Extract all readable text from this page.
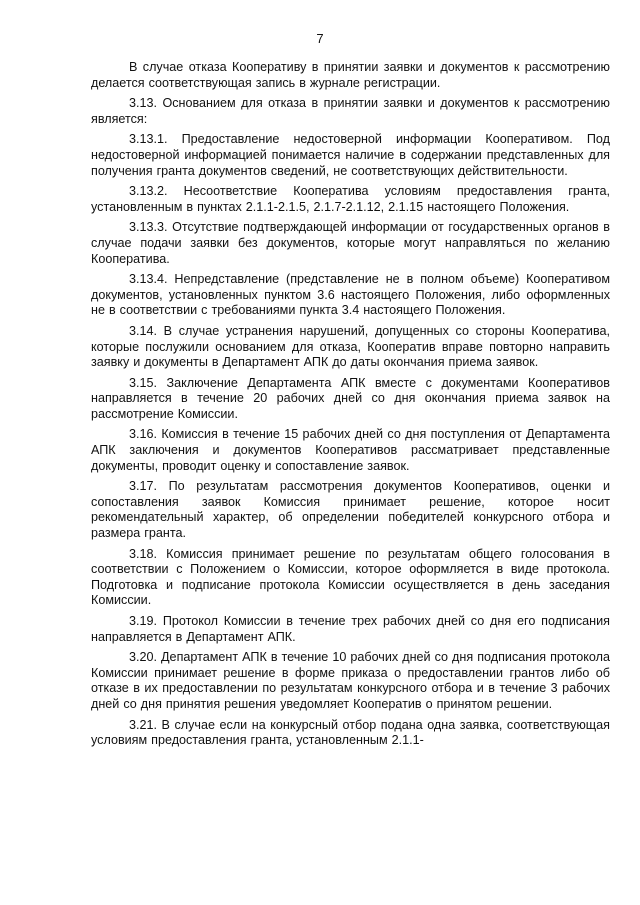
7

В случае отказа Кооперативу в принятии заявки и документов к рассмотрению делается соответствующая запись в журнале регистрации.

3.13. Основанием для отказа в принятии заявки и документов к рассмотрению является:

3.13.1. Предоставление недостоверной информации Кооперативом. Под недостоверной информацией понимается наличие в содержании представленных для получения гранта документов сведений, не соответствующих действительности.

3.13.2. Несоответствие Кооператива условиям предоставления гранта, установленным в пунктах 2.1.1-2.1.5, 2.1.7-2.1.12, 2.1.15 настоящего Положения.

3.13.3. Отсутствие подтверждающей информации от государственных органов в случае подачи заявки без документов, которые могут направляться по желанию Кооператива.

3.13.4. Непредставление (представление не в полном объеме) Кооперативом документов, установленных пунктом 3.6 настоящего Положения, либо оформленных не в соответствии с требованиями пункта 3.4 настоящего Положения.

3.14. В случае устранения нарушений, допущенных со стороны Кооператива, которые послужили основанием для отказа, Кооператив вправе повторно направить заявку и документы в Департамент АПК до даты окончания приема заявок.

3.15. Заключение Департамента АПК вместе с документами Кооперативов направляется в течение 20 рабочих дней со дня окончания приема заявок на рассмотрение Комиссии.

3.16. Комиссия в течение 15 рабочих дней со дня поступления от Департамента АПК заключения и документов Кооперативов рассматривает представленные документы, проводит оценку и сопоставление заявок.

3.17. По результатам рассмотрения документов Кооперативов, оценки и сопоставления заявок Комиссия принимает решение, которое носит рекомендательный характер, об определении победителей конкурсного отбора и размера гранта.

3.18. Комиссия принимает решение по результатам общего голосования в соответствии с Положением о Комиссии, которое оформляется в виде протокола. Подготовка и подписание протокола Комиссии осуществляется в день заседания Комиссии.

3.19. Протокол Комиссии в течение трех рабочих дней со дня его подписания направляется в Департамент АПК.

3.20. Департамент АПК в течение 10 рабочих дней со дня подписания протокола Комиссии принимает решение в форме приказа о предоставлении грантов либо об отказе в их предоставлении по результатам конкурсного отбора и в течение 3 рабочих дней со дня принятия решения уведомляет Кооператив о принятом решении.

3.21. В случае если на конкурсный отбор подана одна заявка, соответствующая условиям предоставления гранта, установленным 2.1.1-
